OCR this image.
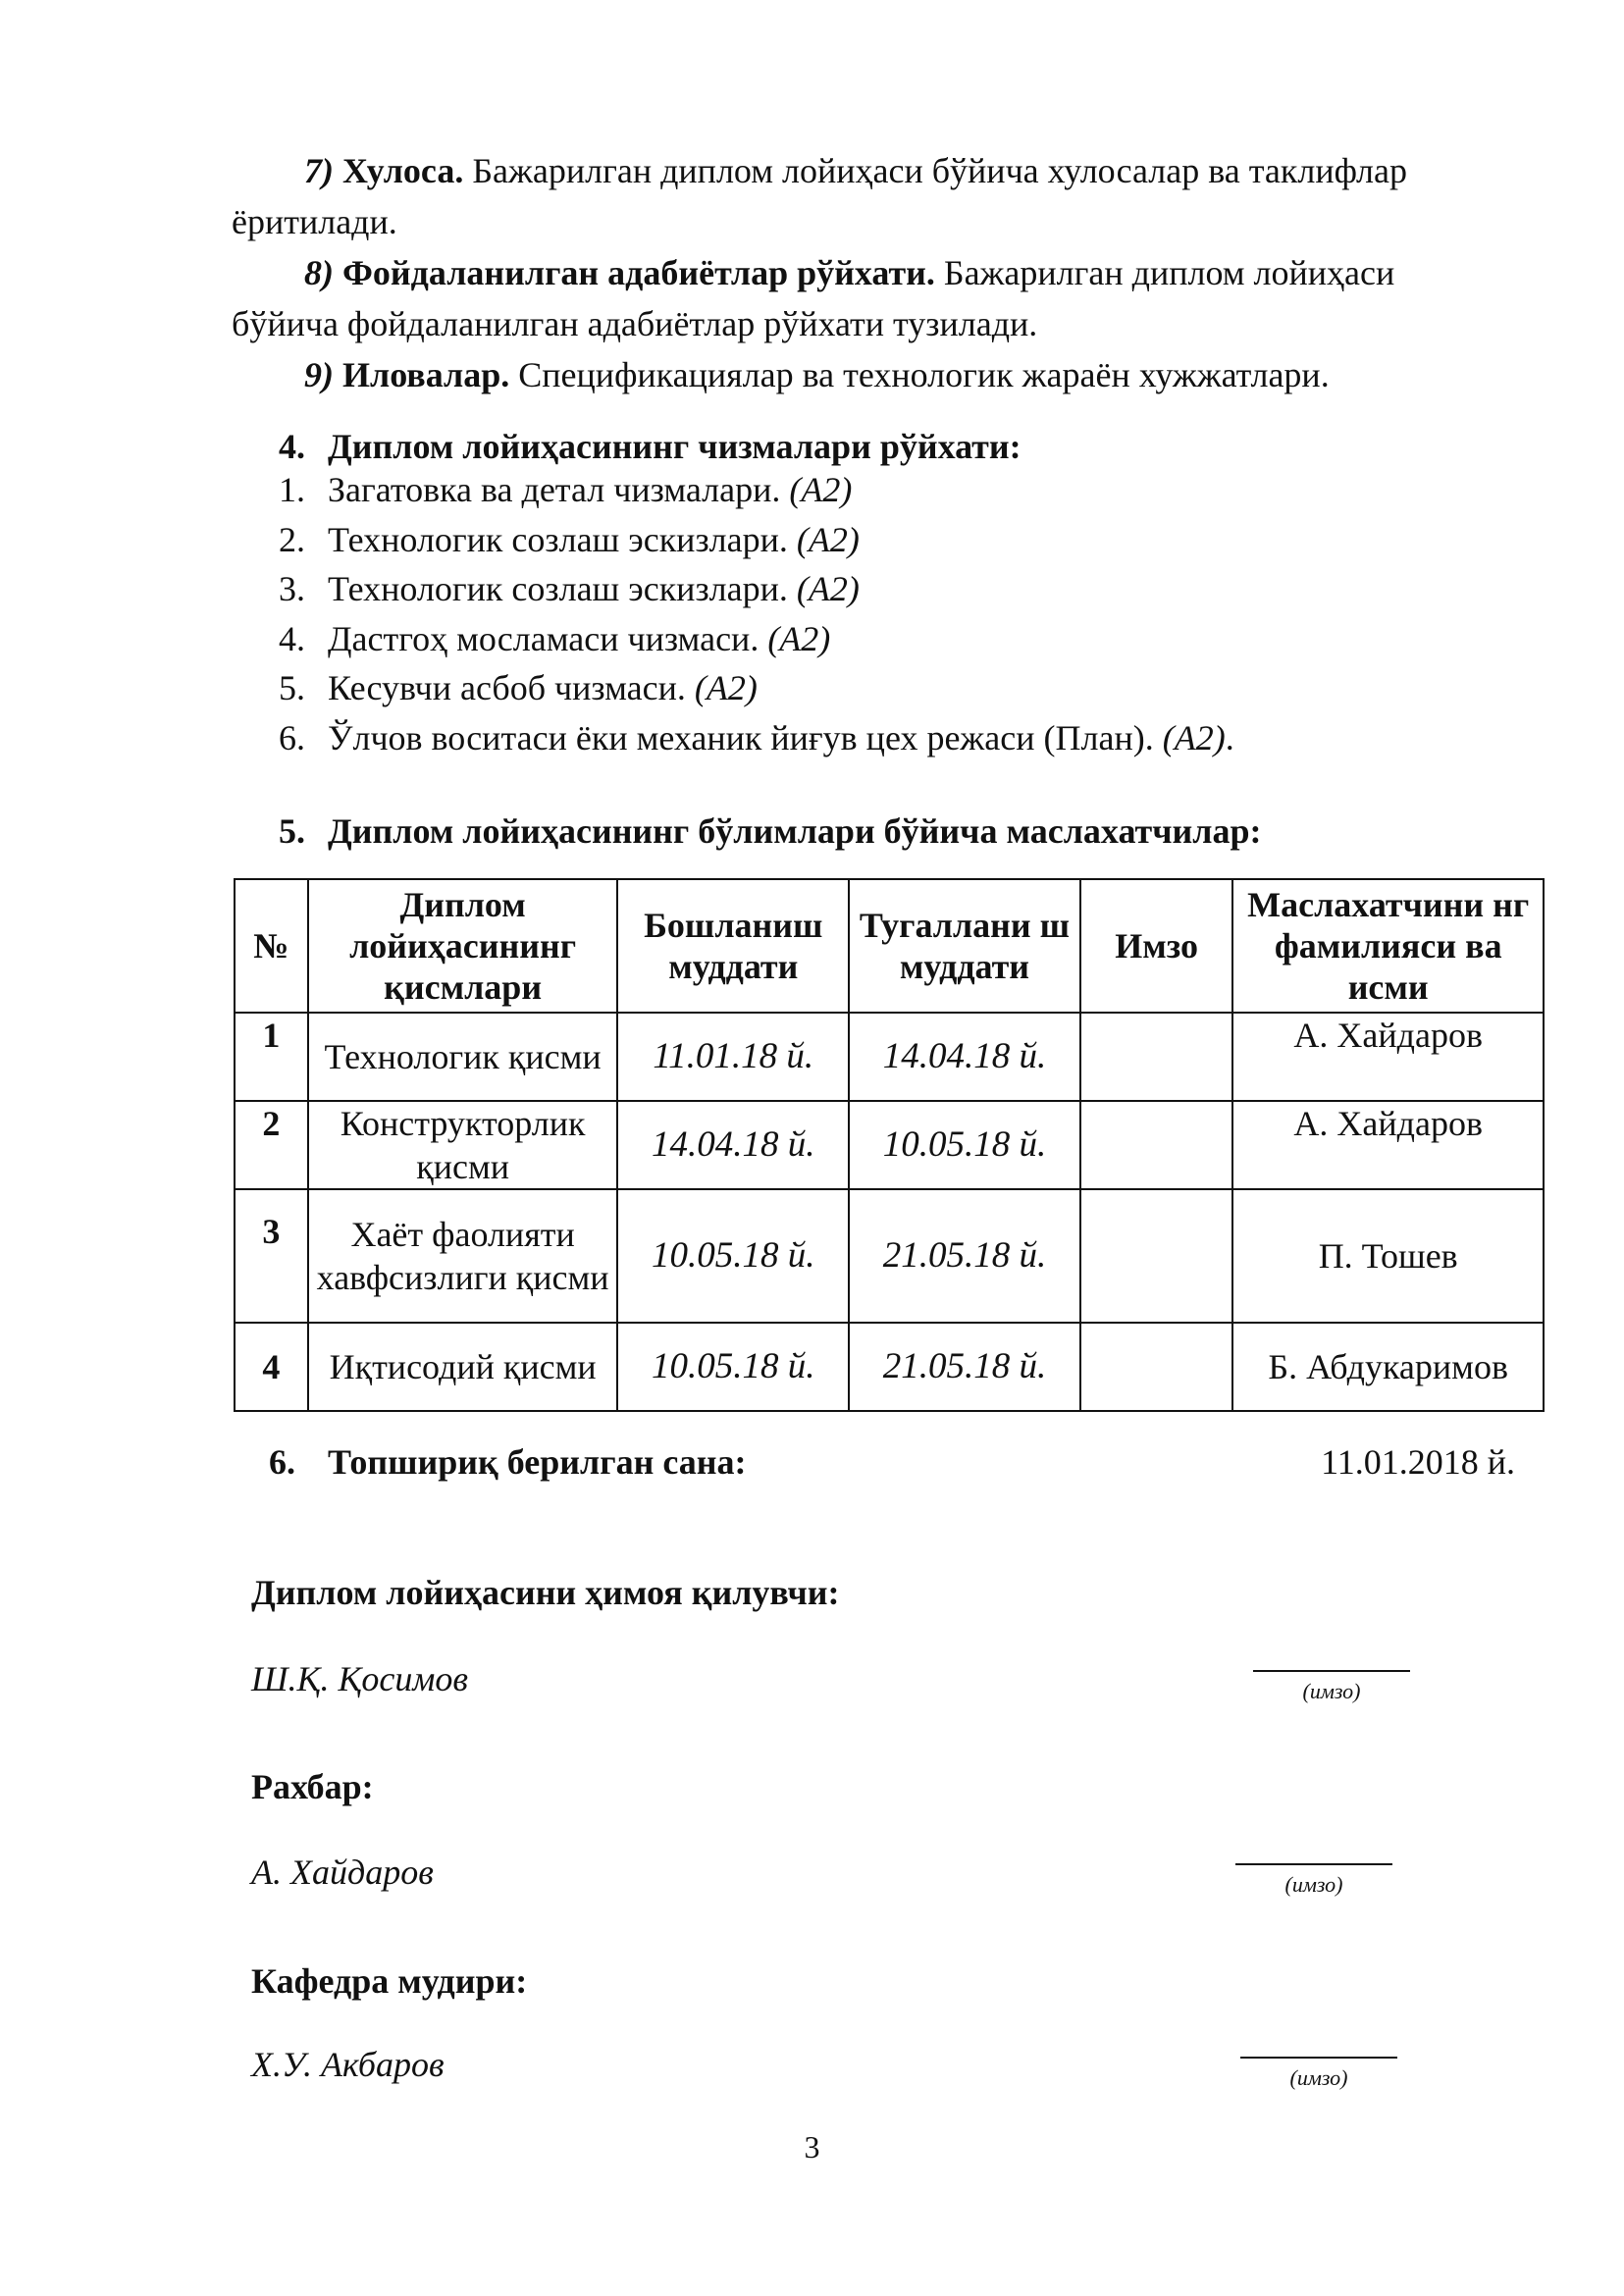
7) Хулоса. Бажарилган диплом лойиҳаси бўйича хулосалар ва таклифлар
ёритилади.
8) Фойдаланилган адабиётлар рўйхати. Бажарилган диплом лойиҳаси
бўйича фойдаланилган адабиётлар рўйхати тузилади.
9) Иловалар. Спецификациялар ва технологик жараён хужжатлари.
4. Диплом лойиҳасининг чизмалари рўйхати:
1. Загатовка ва детал чизмалари. (А2)
2. Технологик созлаш эскизлари. (А2)
3. Технологик созлаш эскизлари. (А2)
4. Дастгоҳ мосламаси чизмаси. (А2)
5. Кесувчи асбоб чизмаси. (А2)
6. Ўлчов воситаси ёки механик йиғув цех режаси (План). (А2).
5. Диплом лойиҳасининг бўлимлари бўйича маслахатчилар:
№	Диплом лойиҳасининг қисмлари	Бошланиш муддати	Тугаллани ш муддати	Имзо	Маслахатчини нг фамилияси ва исми
1	Технологик қисми	11.01.18 й.	14.04.18 й.		А. Хайдаров
2	Конструкторлик қисми	14.04.18 й.	10.05.18 й.		А. Хайдаров
3	Хаёт фаолияти хавфсизлиги қисми	10.05.18 й.	21.05.18 й.		П. Тошев
4	Иқтисодий қисми	10.05.18 й.	21.05.18 й.		Б. Абдукаримов
6. Топшириқ берилган сана:	11.01.2018 й.
Диплом лойиҳасини ҳимоя қилувчи:
Ш.Қ. Қосимов	(имзо)
Рахбар:
А. Хайдаров	(имзо)
Кафедра мудири:
Х.У. Акбаров	(имзо)
3
